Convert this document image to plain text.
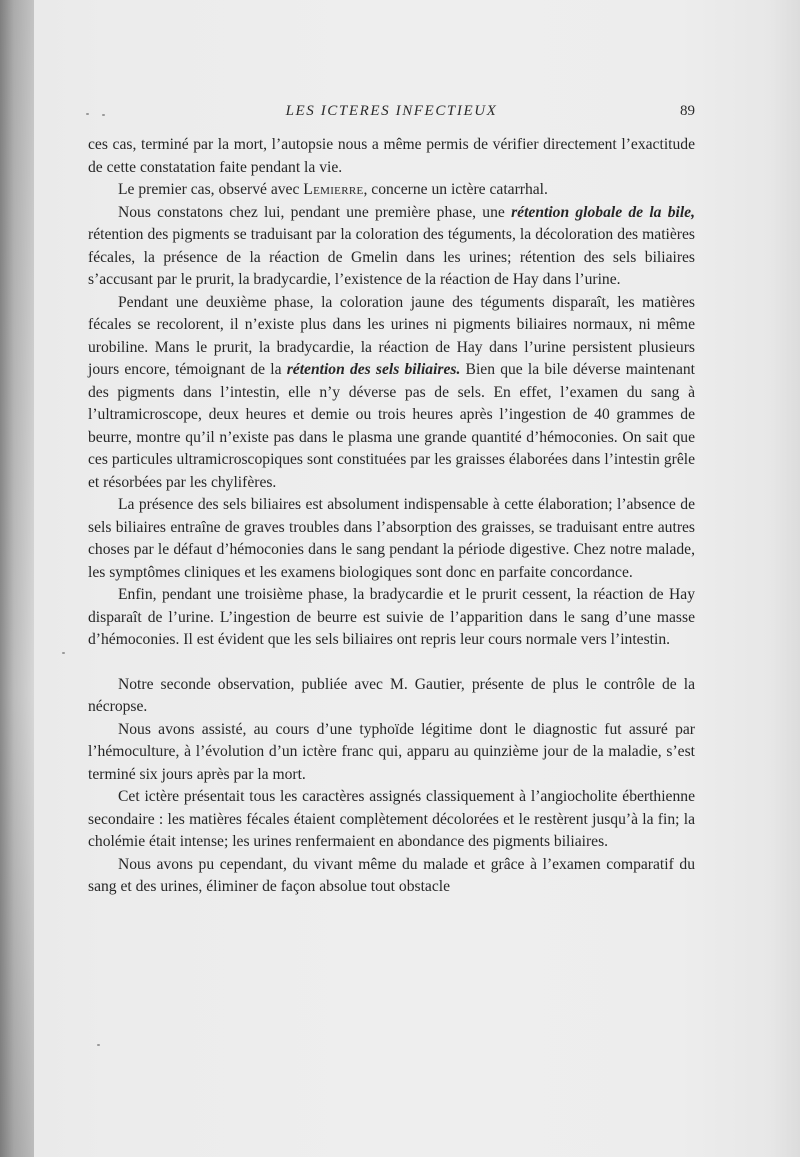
LES ICTERES INFECTIEUX	89

ces cas, terminé par la mort, l’autopsie nous a même permis de vérifier directement l’exactitude de cette constatation faite pendant la vie.

Le premier cas, observé avec Lemierre, concerne un ictère catarrhal.

Nous constatons chez lui, pendant une première phase, une rétention globale de la bile, rétention des pigments se traduisant par la coloration des téguments, la décoloration des matières fécales, la présence de la réaction de Gmelin dans les urines; rétention des sels biliaires s’accusant par le prurit, la bradycardie, l’existence de la réaction de Hay dans l’urine.

Pendant une deuxième phase, la coloration jaune des téguments disparaît, les matières fécales se recolorent, il n’existe plus dans les urines ni pigments biliaires normaux, ni même urobiline. Mans le prurit, la bradycardie, la réaction de Hay dans l’urine persistent plusieurs jours encore, témoignant de la rétention des sels biliaires. Bien que la bile déverse maintenant des pigments dans l’intestin, elle n’y déverse pas de sels. En effet, l’examen du sang à l’ultramicroscope, deux heures et demie ou trois heures après l’ingestion de 40 grammes de beurre, montre qu’il n’existe pas dans le plasma une grande quantité d’hémoconies. On sait que ces particules ultramicroscopiques sont constituées par les graisses élaborées dans l’intestin grêle et résorbées par les chylifères.

La présence des sels biliaires est absolument indispensable à cette élaboration; l’absence de sels biliaires entraîne de graves troubles dans l’absorption des graisses, se traduisant entre autres choses par le défaut d’hémoconies dans le sang pendant la période digestive. Chez notre malade, les symptômes cliniques et les examens biologiques sont donc en parfaite concordance.

Enfin, pendant une troisième phase, la bradycardie et le prurit cessent, la réaction de Hay disparaît de l’urine. L’ingestion de beurre est suivie de l’apparition dans le sang d’une masse d’hémoconies. Il est évident que les sels biliaires ont repris leur cours normale vers l’intestin.

Notre seconde observation, publiée avec M. Gautier, présente de plus le contrôle de la nécropse.

Nous avons assisté, au cours d’une typhoïde légitime dont le diagnostic fut assuré par l’hémoculture, à l’évolution d’un ictère franc qui, apparu au quinzième jour de la maladie, s’est terminé six jours après par la mort.

Cet ictère présentait tous les caractères assignés classiquement à l’angiocholite éberthienne secondaire : les matières fécales étaient complètement décolorées et le restèrent jusqu’à la fin; la cholémie était intense; les urines renfermaient en abondance des pigments biliaires.

Nous avons pu cependant, du vivant même du malade et grâce à l’examen comparatif du sang et des urines, éliminer de façon absolue tout obstacle
